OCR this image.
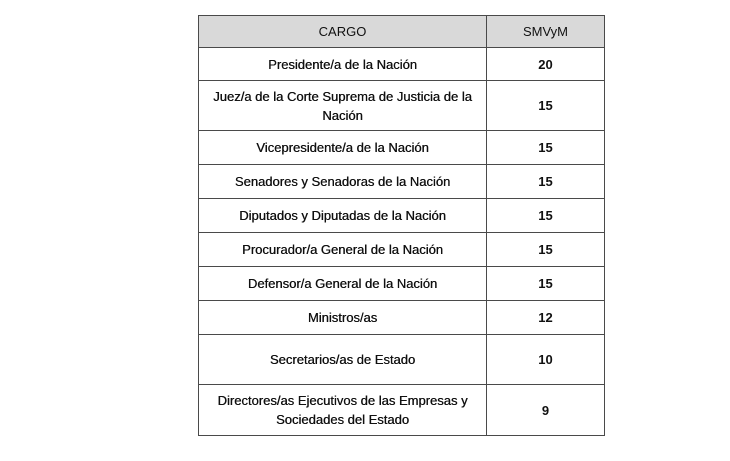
CARGO	SMVyM
Presidente/a de la Nación	20
Juez/a de la Corte Suprema de Justicia de la Nación	15
Vicepresidente/a de la Nación	15
Senadores y Senadoras de la Nación	15
Diputados y Diputadas de la Nación	15
Procurador/a General de la Nación	15
Defensor/a General de la Nación	15
Ministros/as	12
Secretarios/as de Estado	10
Directores/as Ejecutivos de las Empresas y Sociedades del Estado	9
